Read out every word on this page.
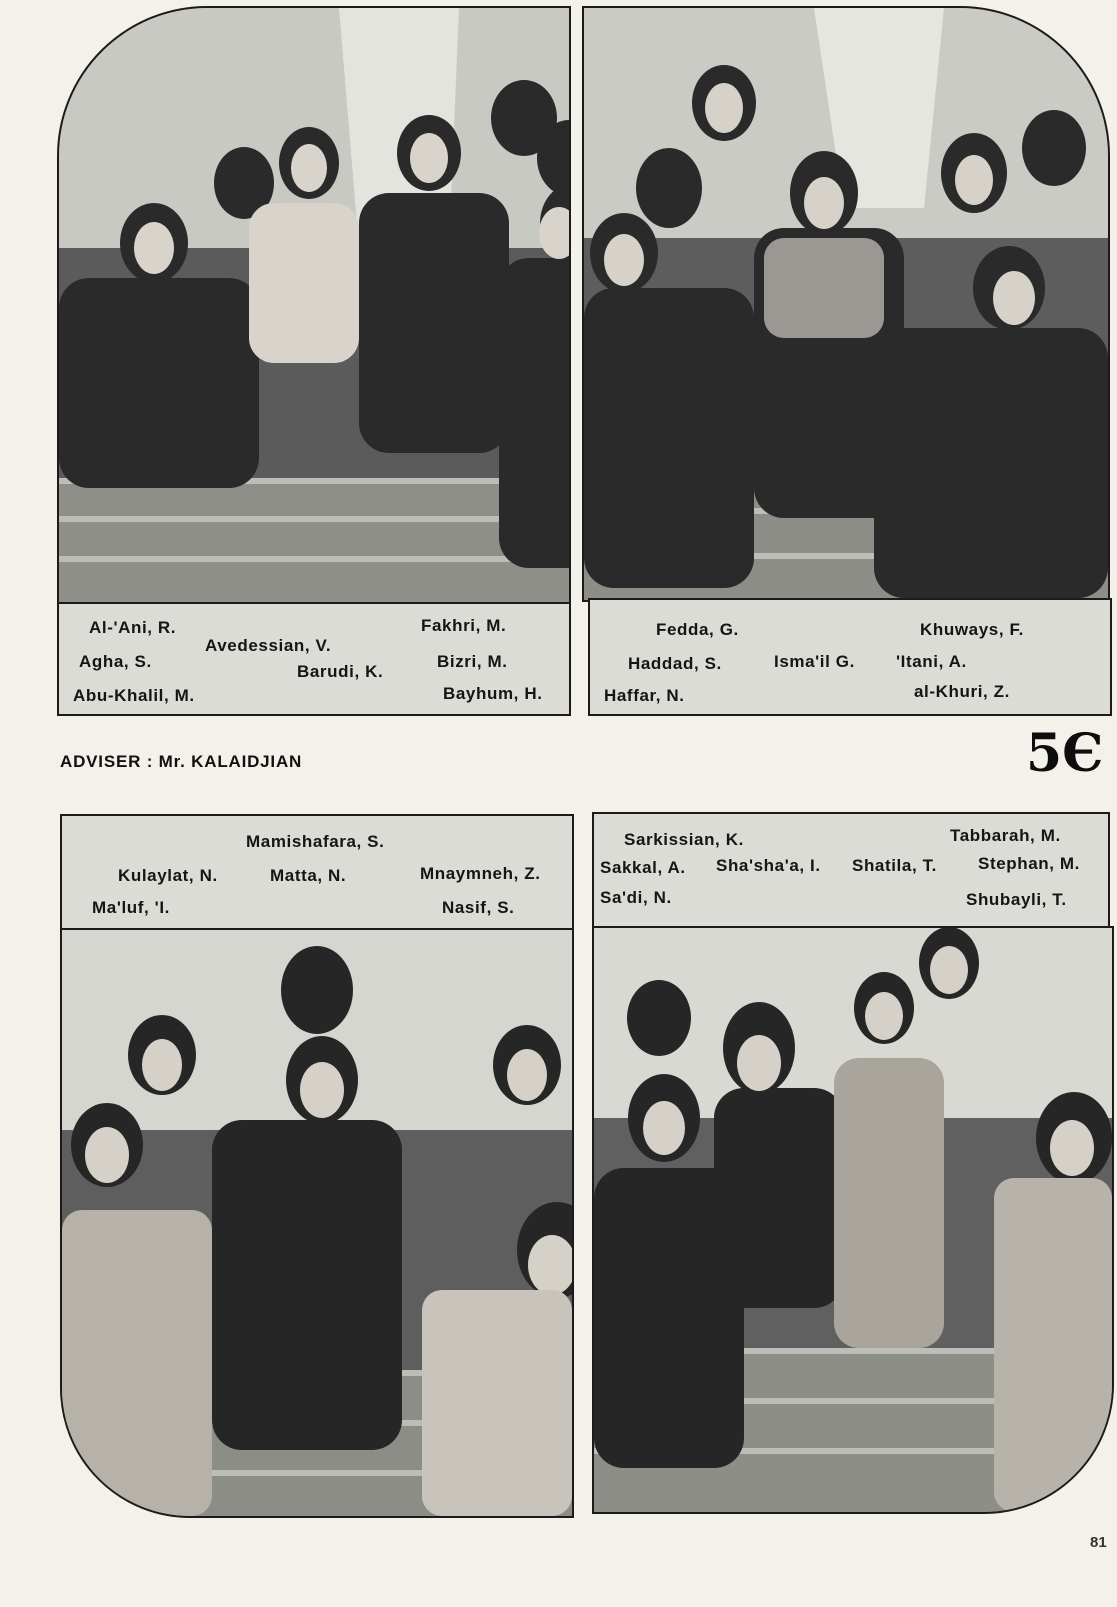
Al-'Ani, R.
Agha, S.
Abu-Khalil, M.
Avedessian, V.
Barudi, K.
Fakhri, M.
Bizri, M.
Bayhum, H.
Fedda, G.
Haddad, S.
Haffar, N.
Isma'il G.
Khuways, F.
'Itani, A.
al-Khuri, Z.
ADVISER : Mr. KALAIDJIAN	5Є
Mamishafara, S.
Kulaylat, N.	Matta, N.	Mnaymneh, Z.
Ma'luf, 'I.	Nasif, S.
Sarkissian, K.	Tabbarah, M.
Sakkal, A. Sha'sha'a, I. Shatila, T. Stephan, M.
Sa'di, N.	Shubayli, T.
81
